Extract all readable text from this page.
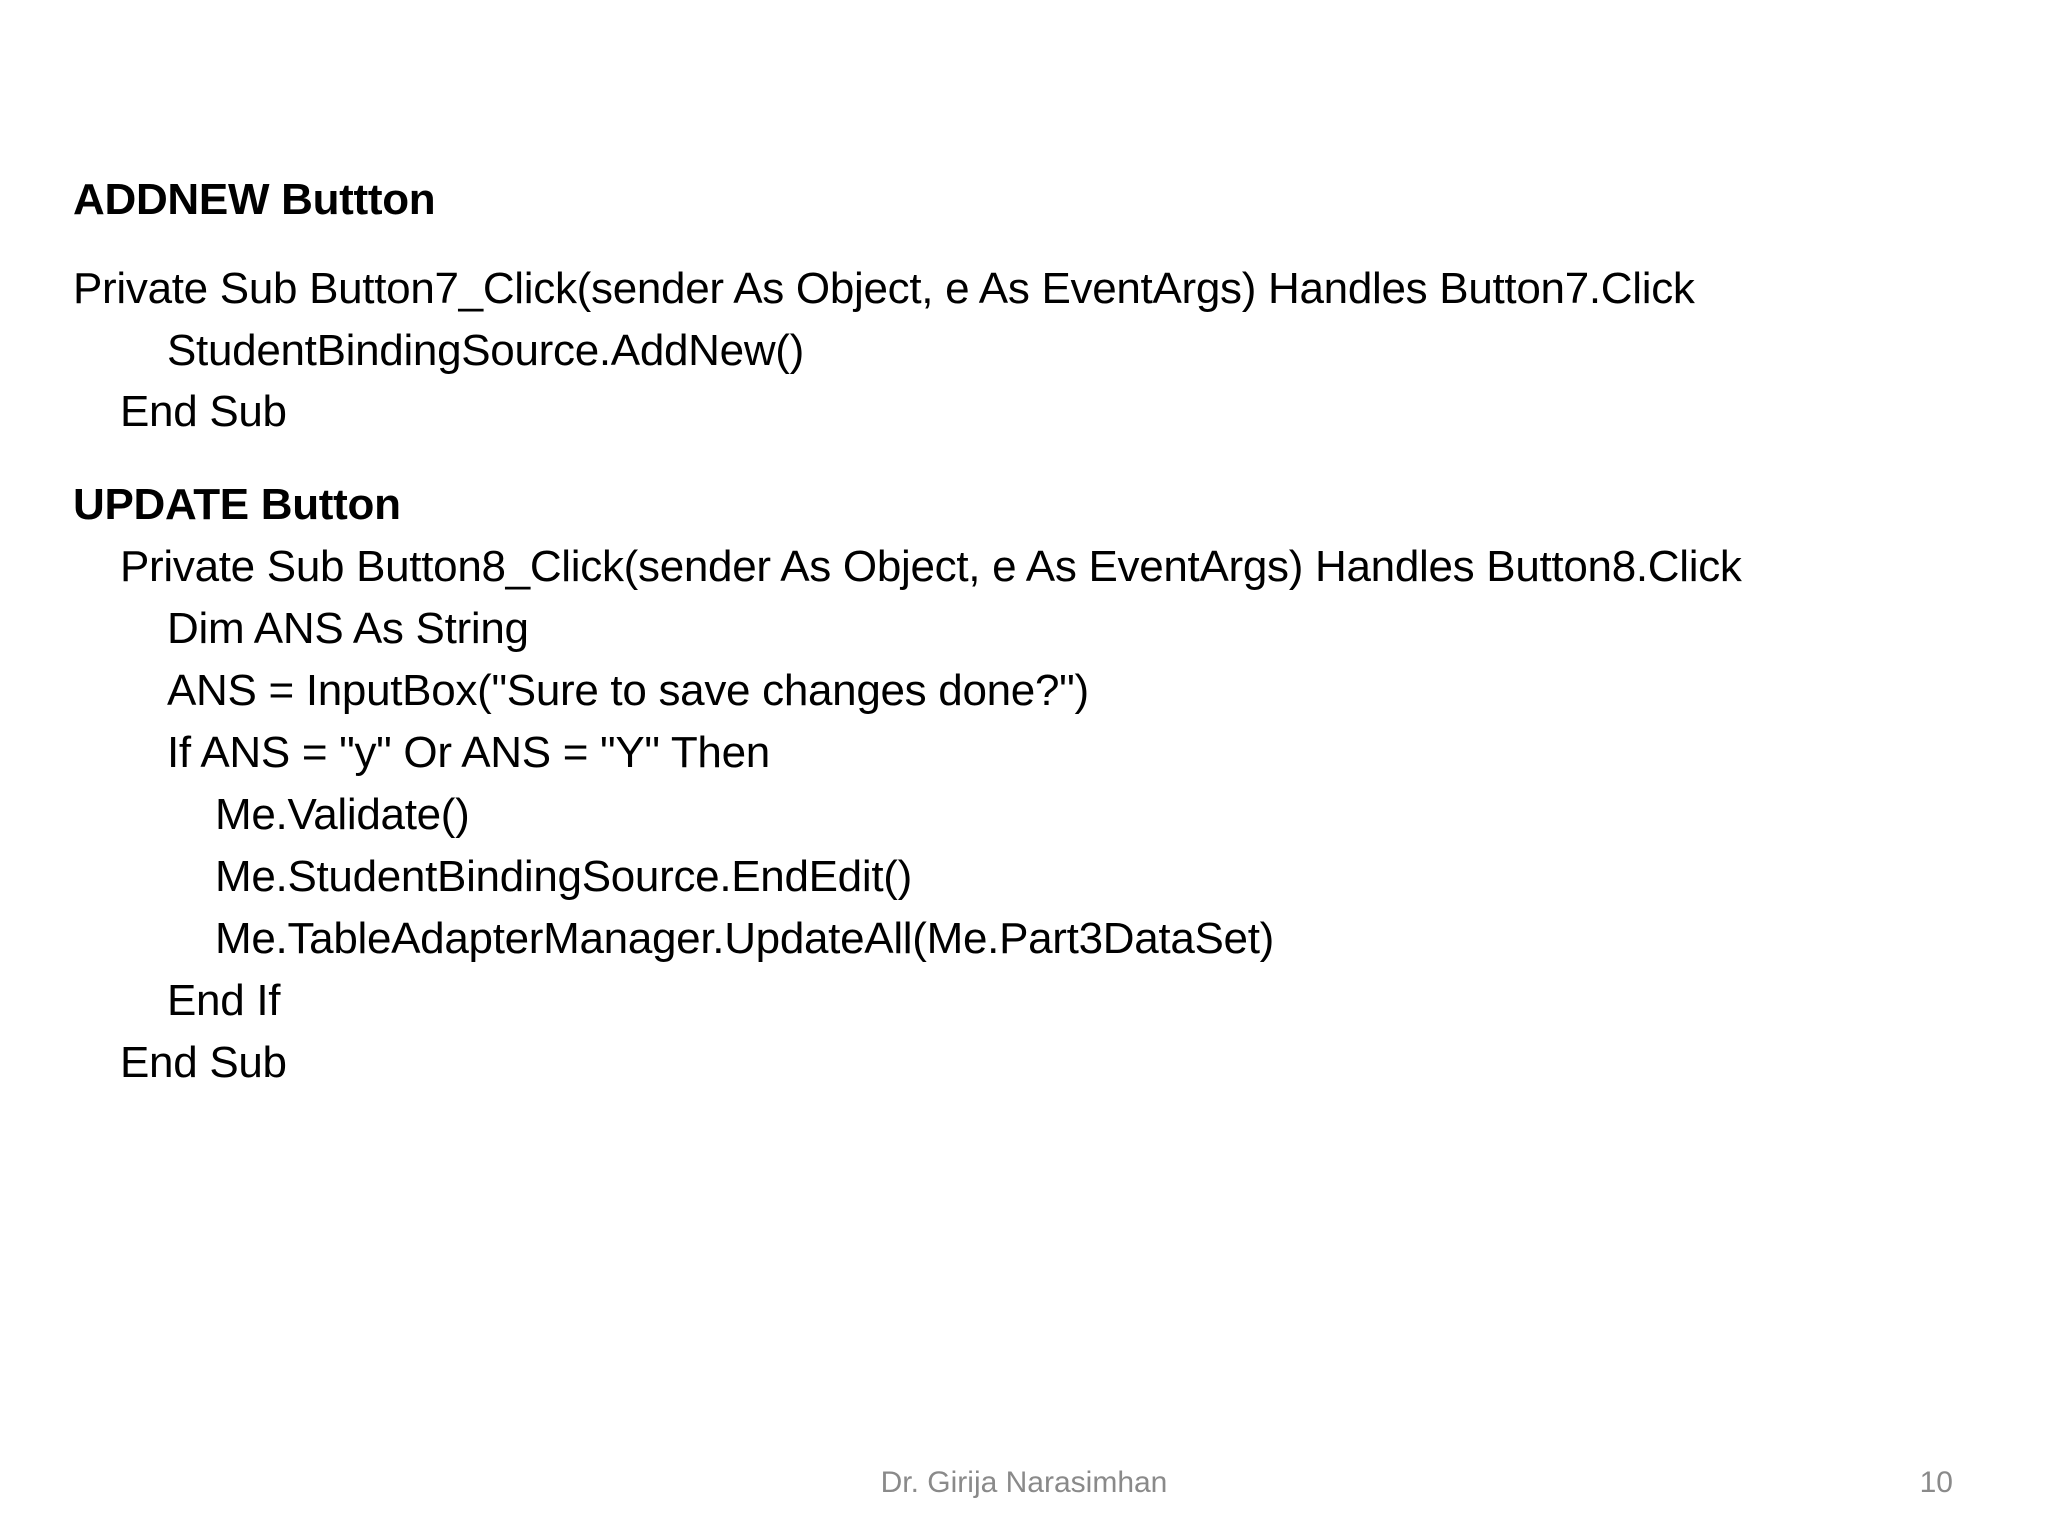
ADDNEW Buttton
Private Sub Button7_Click(sender As Object, e As EventArgs) Handles Button7.Click
StudentBindingSource.AddNew()
End Sub
UPDATE Button
Private Sub Button8_Click(sender As Object, e As EventArgs) Handles Button8.Click
Dim ANS As String
ANS = InputBox("Sure to save changes done?")
If ANS = "y" Or ANS = "Y" Then
Me.Validate()
Me.StudentBindingSource.EndEdit()
Me.TableAdapterManager.UpdateAll(Me.Part3DataSet)
End If
End Sub
Dr. Girija Narasimhan	10
